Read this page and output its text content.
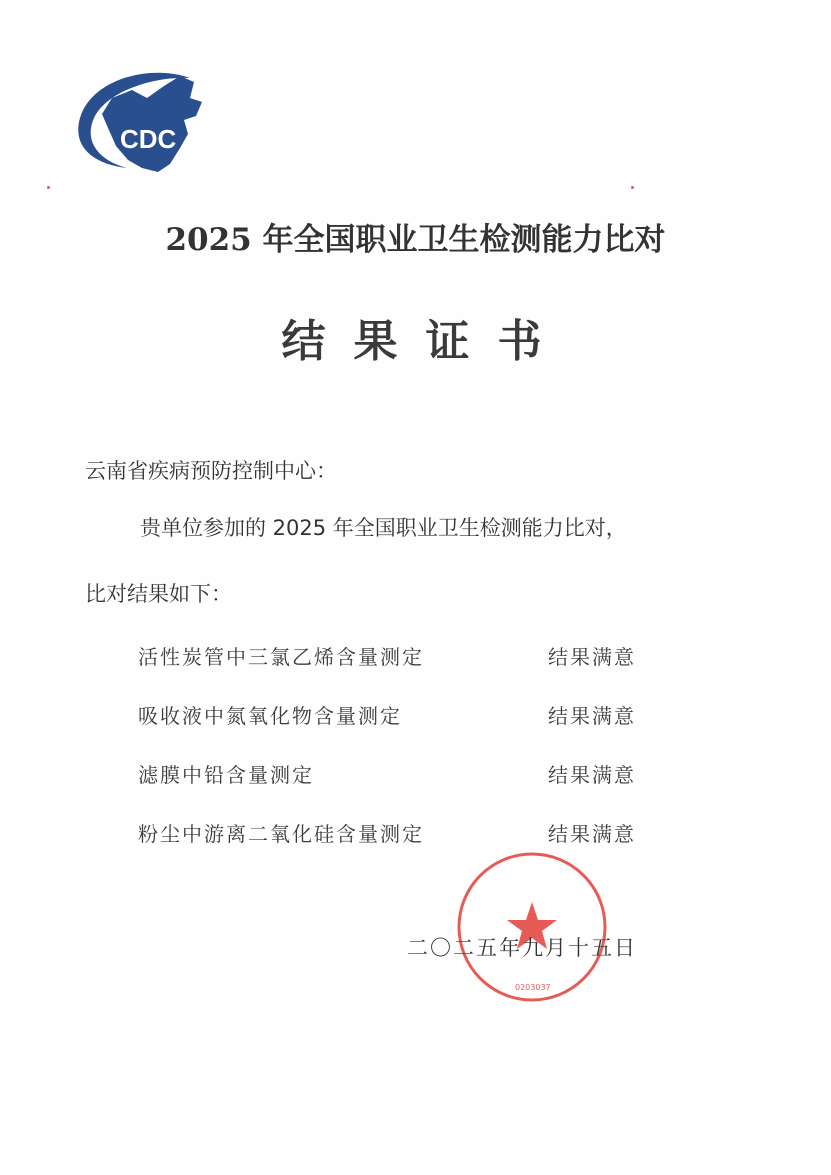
CDC
2025 年全国职业卫生检测能力比对
结果证书
云南省疾病预防控制中心：
贵单位参加的 2025 年全国职业卫生检测能力比对，
比对结果如下：
活性炭管中三氯乙烯含量测定	结果满意
吸收液中氮氧化物含量测定	结果满意
滤膜中铅含量测定	结果满意
粉尘中游离二氧化硅含量测定	结果满意
0203037
二〇二五年九月十五日
